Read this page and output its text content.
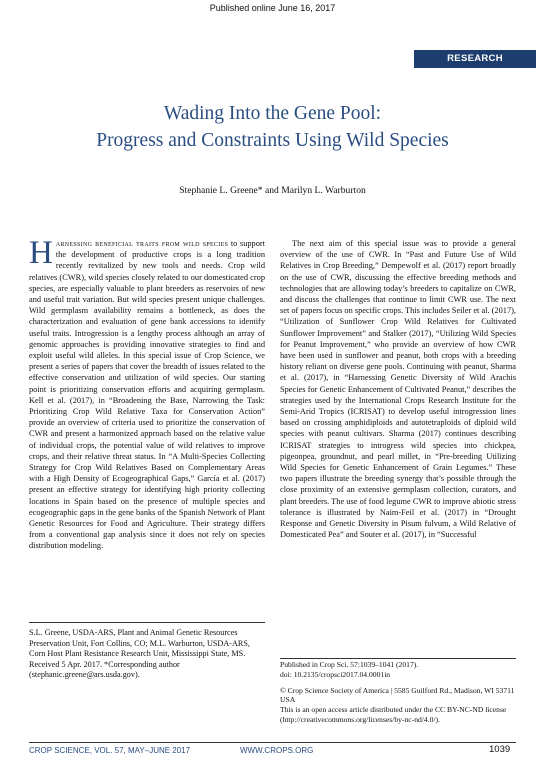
Published online June 16, 2017
RESEARCH
Wading Into the Gene Pool:
Progress and Constraints Using Wild Species
Stephanie L. Greene* and Marilyn L. Warburton

Harnessing beneficial traits from wild species to support the development of productive crops is a long tradition recently revitalized by new tools and needs. Crop wild relatives (CWR), wild species closely related to our domesticated crop species, are especially valuable to plant breeders as reservoirs of new and useful trait variation. But wild species present unique challenges. Wild germplasm availability remains a bottleneck, as does the characterization and evaluation of gene bank accessions to identify useful traits. Introgression is a lengthy process although an array of genomic approaches is providing innovative strategies to find and exploit useful wild alleles. In this special issue of Crop Science, we present a series of papers that cover the breadth of issues related to the effective conservation and utilization of wild species. Our starting point is prioritizing conservation efforts and acquiring germplasm. Kell et al. (2017), in “Broadening the Base, Narrowing the Task: Prioritizing Crop Wild Relative Taxa for Conservation Action” provide an overview of criteria used to prioritize the conservation of CWR and present a harmonized approach based on the relative value of individual crops, the potential value of wild relatives to improve crops, and their relative threat status. In “A Multi-Species Collecting Strategy for Crop Wild Relatives Based on Complementary Areas with a High Density of Ecogeographical Gaps,” García et al. (2017) present an effective strategy for identifying high priority collecting locations in Spain based on the presence of multiple species and ecogeographic gaps in the gene banks of the Spanish Network of Plant Genetic Resources for Food and Agriculture. Their strategy differs from a conventional gap analysis since it does not rely on species distribution modeling.

The next aim of this special issue was to provide a general overview of the use of CWR. In “Past and Future Use of Wild Relatives in Crop Breeding,” Dempewolf et al. (2017) report broadly on the use of CWR, discussing the effective breeding methods and technologies that are allowing today’s breeders to capitalize on CWR, and discuss the challenges that continue to limit CWR use. The next set of papers focus on specific crops. This includes Seiler et al. (2017), “Utilization of Sunflower Crop Wild Relatives for Cultivated Sunflower Improvement” and Stalker (2017), “Utilizing Wild Species for Peanut Improvement,” who provide an overview of how CWR have been used in sunflower and peanut, both crops with a breeding history reliant on diverse gene pools. Continuing with peanut, Sharma et al. (2017), in “Harnessing Genetic Diversity of Wild Arachis Species for Genetic Enhancement of Cultivated Peanut,” describes the strategies used by the International Crops Research Institute for the Semi-Arid Tropics (ICRISAT) to develop useful introgression lines based on crossing amphidiploids and autotetraploids of diploid wild species with peanut cultivars. Sharma (2017) continues describing ICRISAT strategies to introgress wild species into chickpea, pigeonpea, groundnut, and pearl millet, in “Pre-breeding Utilizing Wild Species for Genetic Enhancement of Grain Legumes.” These two papers illustrate the breeding synergy that’s possible through the close proximity of an extensive germplasm collection, curators, and plant breeders. The use of food legume CWR to improve abiotic stress tolerance is illustrated by Naim-Feil et al. (2017) in “Drought Response and Genetic Diversity in Pisum fulvum, a Wild Relative of Domesticated Pea” and Souter et al. (2017), in “Successful

S.L. Greene, USDA-ARS, Plant and Animal Genetic Resources Preservation Unit, Fort Collins, CO; M.L. Warburton, USDA-ARS, Corn Host Plant Resistance Research Unit, Mississippi State, MS. Received 5 Apr. 2017. *Corresponding author (stephanic.greene@ars.usda.gov).
Published in Crop Sci. 57:1039–1041 (2017).
doi: 10.2135/cropsci2017.04.0001in
© Crop Science Society of America | 5585 Guilford Rd., Madison, WI 53711 USA
This is an open access article distributed under the CC BY-NC-ND license (http://creativecommons.org/licenses/by-nc-nd/4.0/).
CROP SCIENCE, VOL. 57, MAY–JUNE 2017	WWW.CROPS.ORG	1039
